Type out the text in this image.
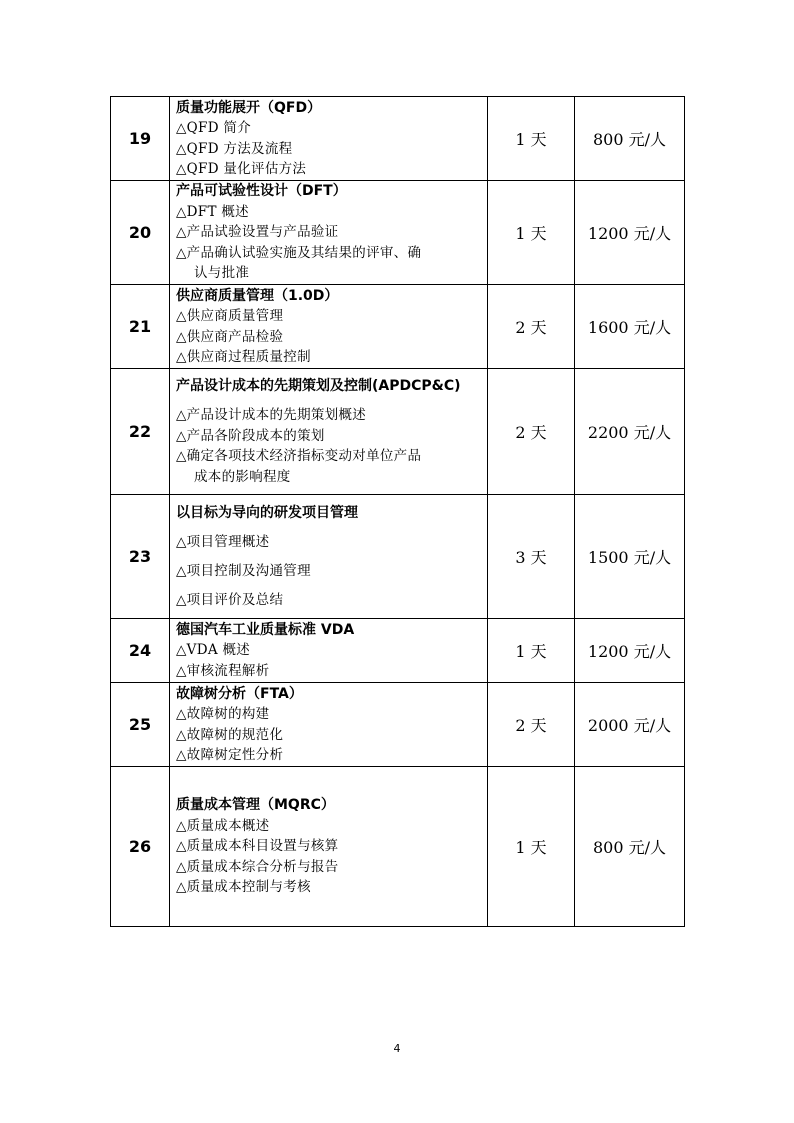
19	质量功能展开（QFD）
△QFD 简介
△QFD 方法及流程
△QFD 量化评估方法	1 天	800 元/人
20	产品可试验性设计（DFT）
△DFT 概述
△产品试验设置与产品验证
△产品确认试验实施及其结果的评审、确
认与批准	1 天	1200 元/人
21	供应商质量管理（1.0D）
△供应商质量管理
△供应商产品检验
△供应商过程质量控制	2 天	1600 元/人
22	产品设计成本的先期策划及控制(APDCP&C)
△产品设计成本的先期策划概述
△产品各阶段成本的策划
△确定各项技术经济指标变动对单位产品
成本的影响程度	2 天	2200 元/人
23	以目标为导向的研发项目管理
△项目管理概述
△项目控制及沟通管理
△项目评价及总结	3 天	1500 元/人
24	德国汽车工业质量标准 VDA
△VDA 概述
△审核流程解析	1 天	1200 元/人
25	故障树分析（FTA）
△故障树的构建
△故障树的规范化
△故障树定性分析	2 天	2000 元/人
26	质量成本管理（MQRC）
△质量成本概述
△质量成本科目设置与核算
△质量成本综合分析与报告
△质量成本控制与考核	1 天	800 元/人
4
